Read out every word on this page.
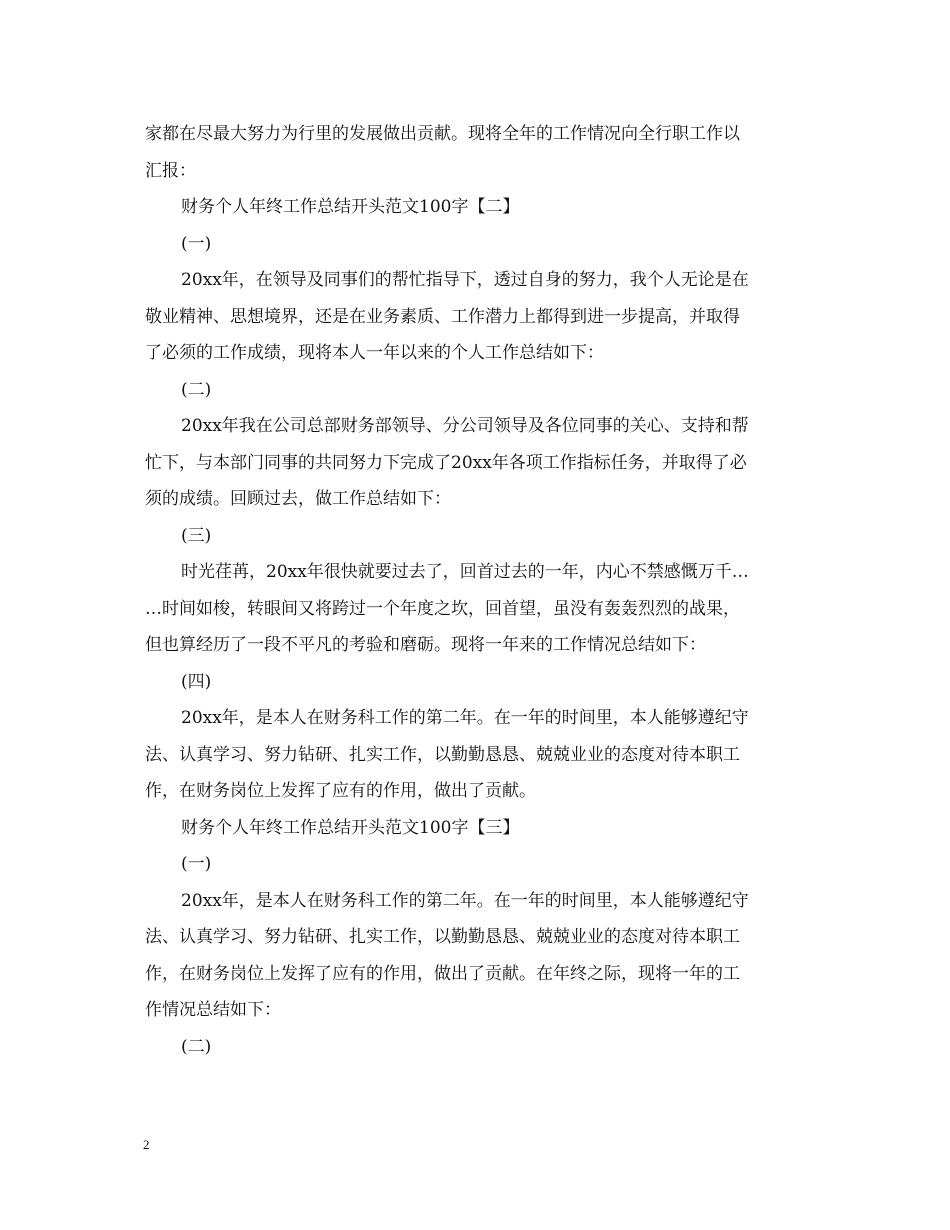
家都在尽最大努力为行里的发展做出贡献。现将全年的工作情况向全行职工作以
汇报：
财务个人年终工作总结开头范文100字【二】
(一)
20xx年，在领导及同事们的帮忙指导下，透过自身的努力，我个人无论是在
敬业精神、思想境界，还是在业务素质、工作潜力上都得到进一步提高，并取得
了必须的工作成绩，现将本人一年以来的个人工作总结如下：
(二)
20xx年我在公司总部财务部领导、分公司领导及各位同事的关心、支持和帮
忙下，与本部门同事的共同努力下完成了20xx年各项工作指标任务，并取得了必
须的成绩。回顾过去，做工作总结如下：
(三)
时光荏苒，20xx年很快就要过去了，回首过去的一年，内心不禁感慨万千…
…时间如梭，转眼间又将跨过一个年度之坎，回首望，虽没有轰轰烈烈的战果，
但也算经历了一段不平凡的考验和磨砺。现将一年来的工作情况总结如下：
(四)
20xx年，是本人在财务科工作的第二年。在一年的时间里，本人能够遵纪守
法、认真学习、努力钻研、扎实工作，以勤勤恳恳、兢兢业业的态度对待本职工
作，在财务岗位上发挥了应有的作用，做出了贡献。
财务个人年终工作总结开头范文100字【三】
(一)
20xx年，是本人在财务科工作的第二年。在一年的时间里，本人能够遵纪守
法、认真学习、努力钻研、扎实工作，以勤勤恳恳、兢兢业业的态度对待本职工
作，在财务岗位上发挥了应有的作用，做出了贡献。在年终之际，现将一年的工
作情况总结如下：
(二)
2
